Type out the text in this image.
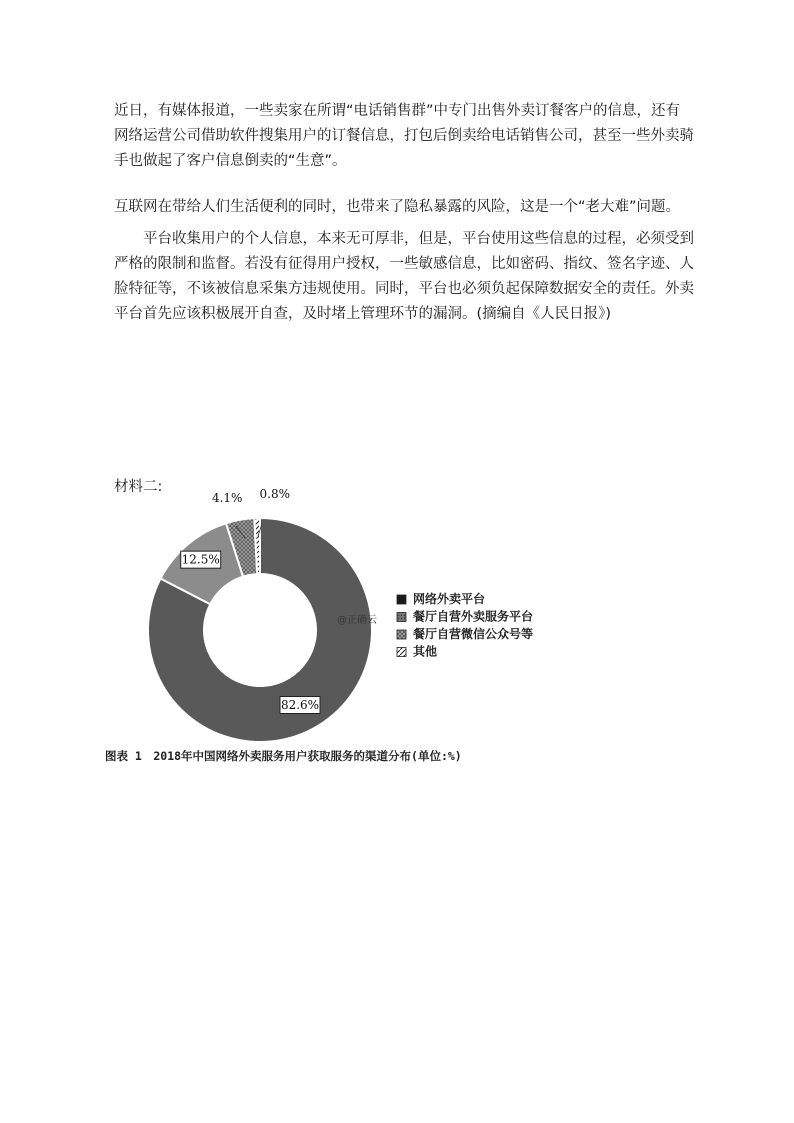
近日，有媒体报道，一些卖家在所谓“电话销售群”中专门出售外卖订餐客户的信息，还有
网络运营公司借助软件搜集用户的订餐信息，打包后倒卖给电话销售公司，甚至一些外卖骑
手也做起了客户信息倒卖的“生意”。
互联网在带给人们生活便利的同时，也带来了隐私暴露的风险，这是一个“老大难”问题。
　　平台收集用户的个人信息，本来无可厚非，但是，平台使用这些信息的过程，必须受到
严格的限制和监督。若没有征得用户授权，一些敏感信息，比如密码、指纹、签名字迹、人
脸特征等，不该被信息采集方违规使用。同时，平台也必须负起保障数据安全的责任。外卖
平台首先应该积极展开自查，及时堵上管理环节的漏洞。(摘编自《人民日报》)
材料二:
82.6%
12.5%
4.1% 0.8%
网络外卖平台
餐厅自营外卖服务平台
餐厅自营微信公众号等
其他
@正确云
图表 1　2018年中国网络外卖服务用户获取服务的渠道分布(单位:%)
